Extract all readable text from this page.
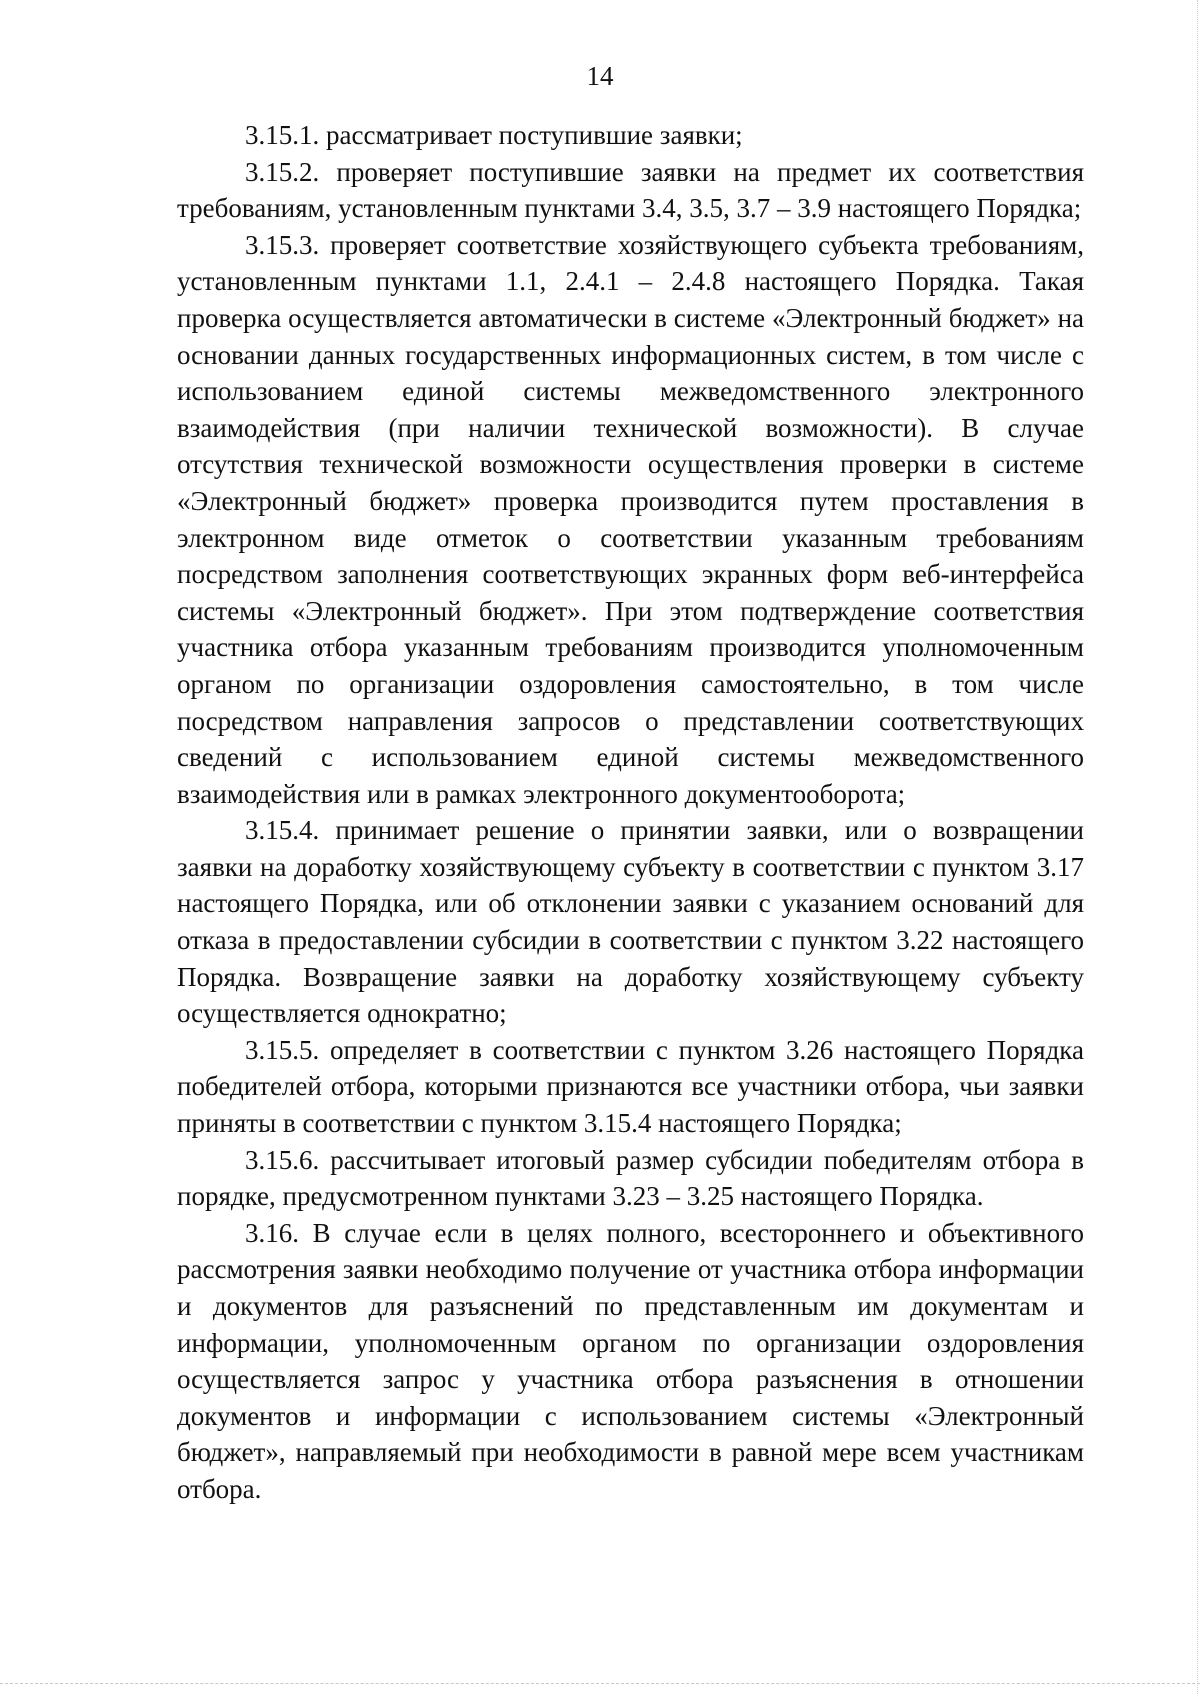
14

3.15.1. рассматривает поступившие заявки;

3.15.2. проверяет поступившие заявки на предмет их соответствия требованиям, установленным пунктами 3.4, 3.5, 3.7 – 3.9 настоящего Порядка;

3.15.3. проверяет соответствие хозяйствующего субъекта требованиям, установленным пунктами 1.1, 2.4.1 – 2.4.8 настоящего Порядка. Такая проверка осуществляется автоматически в системе «Электронный бюджет» на основании данных государственных информационных систем, в том числе с использованием единой системы межведомственного электронного взаимодействия (при наличии технической возможности). В случае отсутствия технической возможности осуществления проверки в системе «Электронный бюджет» проверка производится путем проставления в электронном виде отметок о соответствии указанным требованиям посредством заполнения соответствующих экранных форм веб-интерфейса системы «Электронный бюджет». При этом подтверждение соответствия участника отбора указанным требованиям производится уполномоченным органом по организации оздоровления самостоятельно, в том числе посредством направления запросов о представлении соответствующих сведений с использованием единой системы межведомственного взаимодействия или в рамках электронного документооборота;

3.15.4. принимает решение о принятии заявки, или о возвращении заявки на доработку хозяйствующему субъекту в соответствии с пунктом 3.17 настоящего Порядка, или об отклонении заявки с указанием оснований для отказа в предоставлении субсидии в соответствии с пунктом 3.22 настоящего Порядка. Возвращение заявки на доработку хозяйствующему субъекту осуществляется однократно;

3.15.5. определяет в соответствии с пунктом 3.26 настоящего Порядка победителей отбора, которыми признаются все участники отбора, чьи заявки приняты в соответствии с пунктом 3.15.4 настоящего Порядка;

3.15.6. рассчитывает итоговый размер субсидии победителям отбора в порядке, предусмотренном пунктами 3.23 – 3.25 настоящего Порядка.

3.16. В случае если в целях полного, всестороннего и объективного рассмотрения заявки необходимо получение от участника отбора информации и документов для разъяснений по представленным им документам и информации, уполномоченным органом по организации оздоровления осуществляется запрос у участника отбора разъяснения в отношении документов и информации с использованием системы «Электронный бюджет», направляемый при необходимости в равной мере всем участникам отбора.
